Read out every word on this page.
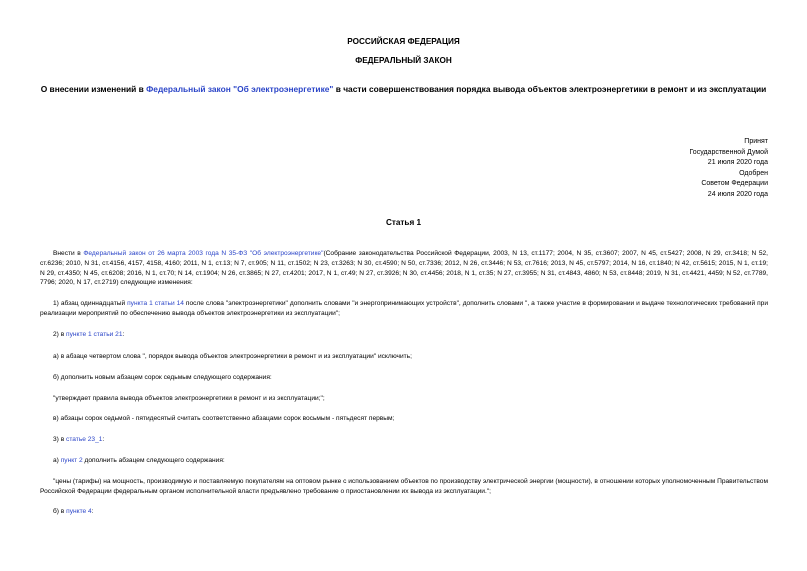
РОССИЙСКАЯ ФЕДЕРАЦИЯ
ФЕДЕРАЛЬНЫЙ ЗАКОН
О внесении изменений в Федеральный закон "Об электроэнергетике" в части совершенствования порядка вывода объектов электроэнергетики в ремонт и из эксплуатации
Принят
Государственной Думой
21 июля 2020 года
Одобрен
Советом Федерации
24 июля 2020 года
Статья 1
Внести в Федеральный закон от 26 марта 2003 года N 35-ФЗ "Об электроэнергетике"(Собрание законодательства Российской Федерации, 2003, N 13, ст.1177; 2004, N 35, ст.3607; 2007, N 45, ст.5427; 2008, N 29, ст.3418; N 52, ст.6236; 2010, N 31, ст.4156, 4157, 4158, 4160; 2011, N 1, ст.13; N 7, ст.905; N 11, ст.1502; N 23, ст.3263; N 30, ст.4590; N 50, ст.7336; 2012, N 26, ст.3446; N 53, ст.7616; 2013, N 45, ст.5797; 2014, N 16, ст.1840; N 42, ст.5615; 2015, N 1, ст.19; N 29, ст.4350; N 45, ст.6208; 2016, N 1, ст.70; N 14, ст.1904; N 26, ст.3865; N 27, ст.4201; 2017, N 1, ст.49; N 27, ст.3926; N 30, ст.4456; 2018, N 1, ст.35; N 27, ст.3955; N 31, ст.4843, 4860; N 53, ст.8448; 2019, N 31, ст.4421, 4459; N 52, ст.7789, 7796; 2020, N 17, ст.2719) следующие изменения:
1) абзац одиннадцатый пункта 1 статьи 14 после слова "электроэнергетики" дополнить словами "и энергопринимающих устройств", дополнить словами ", а также участие в формировании и выдаче технологических требований при реализации мероприятий по обеспечению вывода объектов электроэнергетики из эксплуатации";
2) в пункте 1 статьи 21:
а) в абзаце четвертом слова ", порядок вывода объектов электроэнергетики в ремонт и из эксплуатации" исключить;
б) дополнить новым абзацем сорок седьмым следующего содержания:
"утверждает правила вывода объектов электроэнергетики в ремонт и из эксплуатации;";
в) абзацы сорок седьмой - пятидесятый считать соответственно абзацами сорок восьмым - пятьдесят первым;
3) в статье 23_1:
а) пункт 2 дополнить абзацем следующего содержания:
"цены (тарифы) на мощность, производимую и поставляемую покупателям на оптовом рынке с использованием объектов по производству электрической энергии (мощности), в отношении которых уполномоченным Правительством Российской Федерации федеральным органом исполнительной власти предъявлено требование о приостановлении их вывода из эксплуатации.";
б) в пункте 4:
